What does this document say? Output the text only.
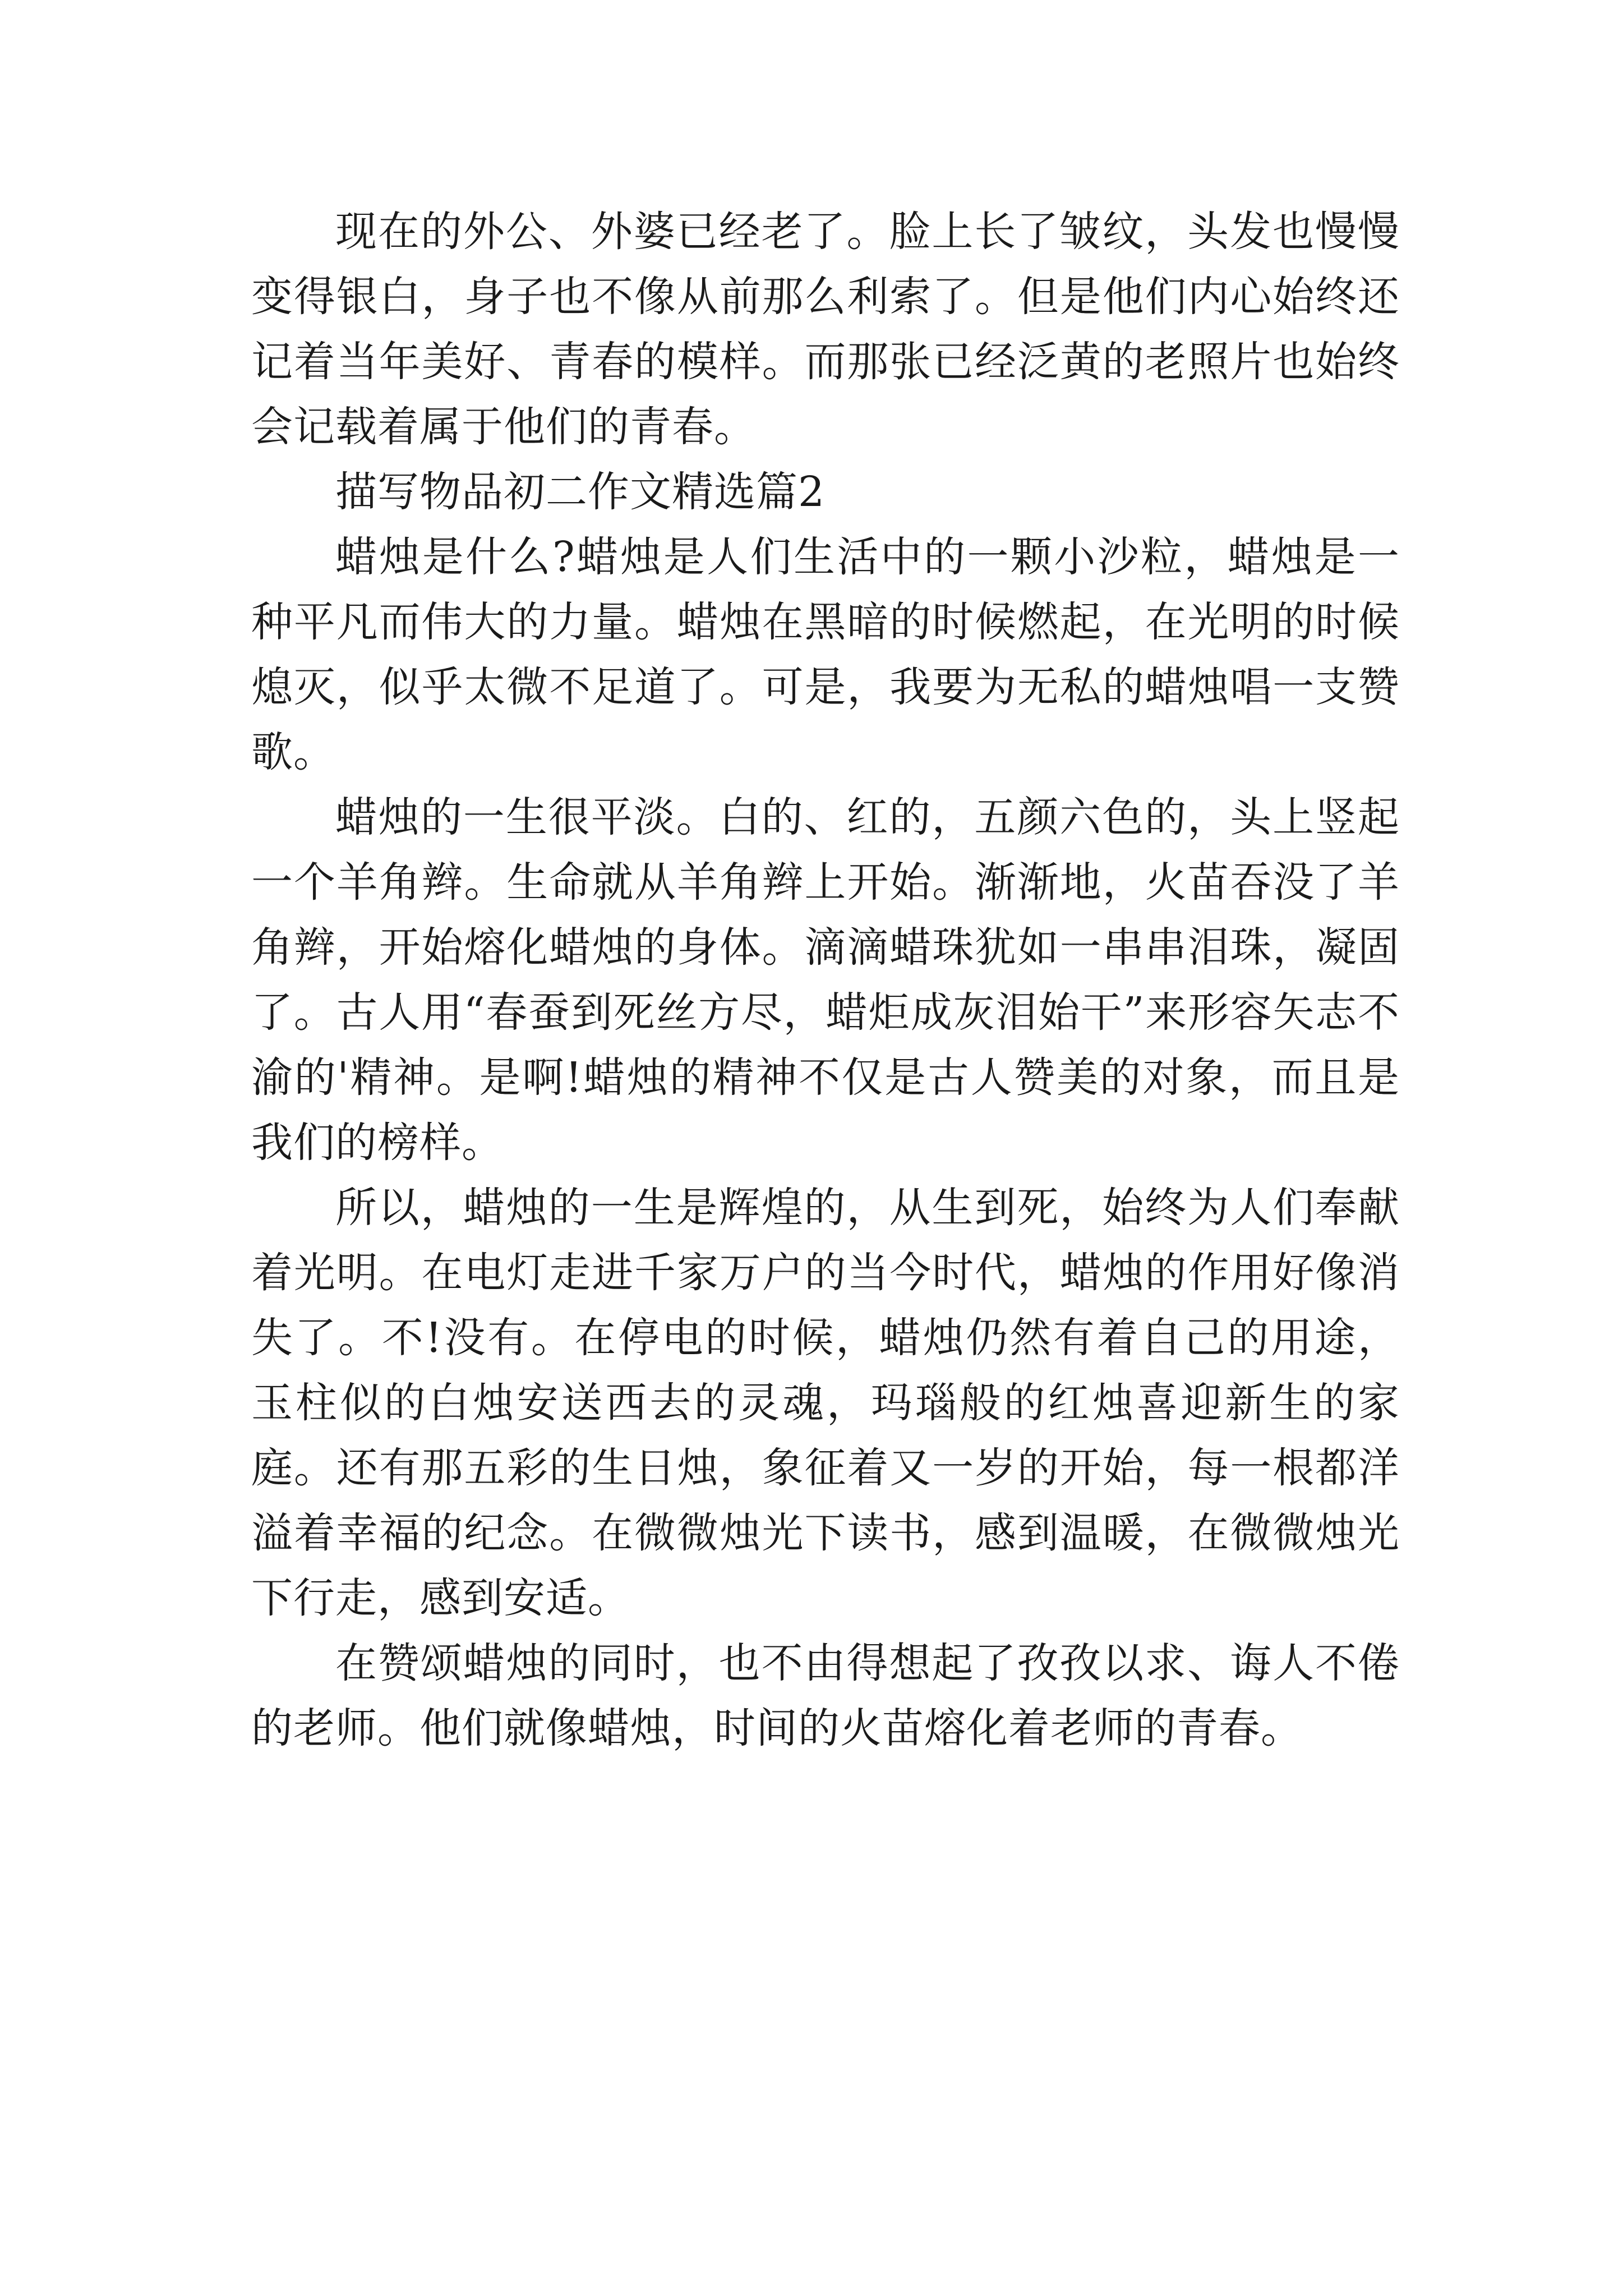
现在的外公、外婆已经老了。脸上长了皱纹，头发也慢慢变得银白，身子也不像从前那么利索了。但是他们内心始终还记着当年美好、青春的模样。而那张已经泛黄的老照片也始终会记载着属于他们的青春。

描写物品初二作文精选篇2

蜡烛是什么?蜡烛是人们生活中的一颗小沙粒，蜡烛是一种平凡而伟大的力量。蜡烛在黑暗的时候燃起，在光明的时候熄灭，似乎太微不足道了。可是，我要为无私的蜡烛唱一支赞歌。

蜡烛的一生很平淡。白的、红的，五颜六色的，头上竖起一个羊角辫。生命就从羊角辫上开始。渐渐地，火苗吞没了羊角辫，开始熔化蜡烛的身体。滴滴蜡珠犹如一串串泪珠，凝固了。古人用“春蚕到死丝方尽，蜡炬成灰泪始干”来形容矢志不渝的'精神。是啊!蜡烛的精神不仅是古人赞美的对象，而且是我们的榜样。

所以，蜡烛的一生是辉煌的，从生到死，始终为人们奉献着光明。在电灯走进千家万户的当今时代，蜡烛的作用好像消失了。不!没有。在停电的时候，蜡烛仍然有着自己的用途，玉柱似的白烛安送西去的灵魂，玛瑙般的红烛喜迎新生的家庭。还有那五彩的生日烛，象征着又一岁的开始，每一根都洋溢着幸福的纪念。在微微烛光下读书，感到温暖，在微微烛光下行走，感到安适。

在赞颂蜡烛的同时，也不由得想起了孜孜以求、诲人不倦的老师。他们就像蜡烛，时间的火苗熔化着老师的青春。
